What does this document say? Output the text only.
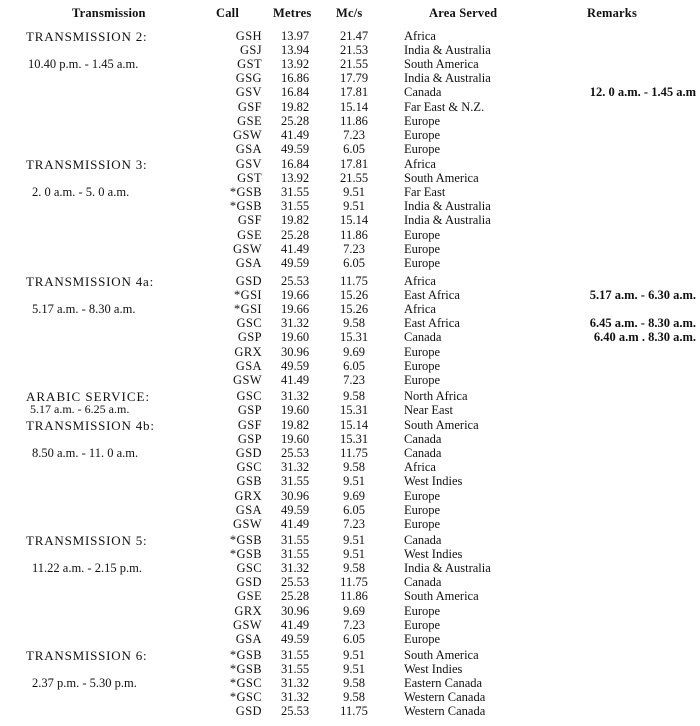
Transmission	Call	Metres Mc/s	Area Served	Remarks
TRANSMISSION 2:
10.40 p.m. - 1.45 a.m.
GSH	13.97	21.47	Africa
GSJ	13.94	21.53	India & Australia
GST	13.92	21.55	South America
GSG	16.86	17.79	India & Australia
GSV	16.84	17.81	Canada	12. 0 a.m. - 1.45 a.m
GSF	19.82	15.14	Far East & N.Z.
GSE	25.28	11.86	Europe
GSW	41.49	7.23	Europe
GSA	49.59	6.05	Europe
TRANSMISSION 3:
2. 0 a.m. - 5. 0 a.m.
GSV	16.84	17.81	Africa
GST	13.92	21.55	South America
*GSB	31.55	9.51	Far East
*GSB	31.55	9.51	India & Australia
GSF	19.82	15.14	India & Australia
GSE	25.28	11.86	Europe
GSW	41.49	7.23	Europe
GSA	49.59	6.05	Europe
TRANSMISSION 4a:
5.17 a.m. - 8.30 a.m.
GSD	25.53	11.75	Africa
*GSI	19.66	15.26	East Africa	5.17 a.m. - 6.30 a.m.
*GSI	19.66	15.26	Africa
GSC	31.32	9.58	East Africa	6.45 a.m. - 8.30 a.m.
GSP	19.60	15.31	Canada	6.40 a.m . 8.30 a.m.
GRX	30.96	9.69	Europe
GSA	49.59	6.05	Europe
GSW	41.49	7.23	Europe
ARABIC SERVICE:
5.17 a.m. - 6.25 a.m.
GSC	31.32	9.58	North Africa
GSP	19.60	15.31	Near East
TRANSMISSION 4b:
8.50 a.m. - 11. 0 a.m.
GSF	19.82	15.14	South America
GSP	19.60	15.31	Canada
GSD	25.53	11.75	Canada
GSC	31.32	9.58	Africa
GSB	31.55	9.51	West Indies
GRX	30.96	9.69	Europe
GSA	49.59	6.05	Europe
GSW	41.49	7.23	Europe
TRANSMISSION 5:
11.22 a.m. - 2.15 p.m.
*GSB	31.55	9.51	Canada
*GSB	31.55	9.51	West Indies
GSC	31.32	9.58	India & Australia
GSD	25.53	11.75	Canada
GSE	25.28	11.86	South America
GRX	30.96	9.69	Europe
GSW	41.49	7.23	Europe
GSA	49.59	6.05	Europe
TRANSMISSION 6:
2.37 p.m. - 5.30 p.m.
*GSB	31.55	9.51	South America
*GSB	31.55	9.51	West Indies
*GSC	31.32	9.58	Eastern Canada
*GSC	31.32	9.58	Western Canada
GSD	25.53	11.75	Western Canada
